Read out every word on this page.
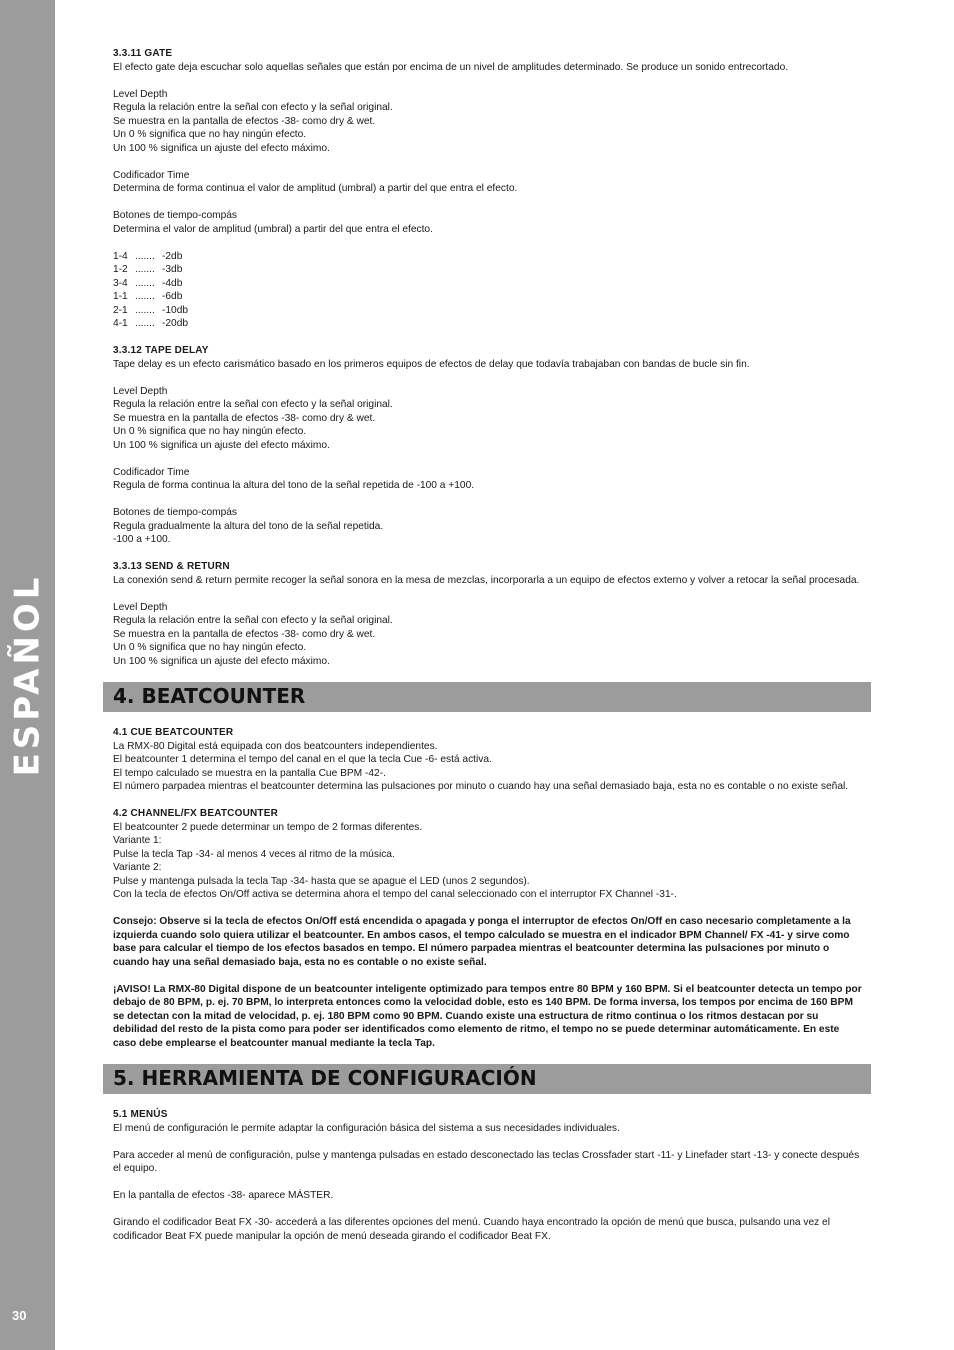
ESPAÑOL
30
3.3.11 GATE
El efecto gate deja escuchar solo aquellas señales que están por encima de un nivel de amplitudes determinado. Se produce un sonido entrecortado.
Level Depth
Regula la relación entre la señal con efecto y la señal original.
Se muestra en la pantalla de efectos -38- como dry & wet.
Un 0 % significa que no hay ningún efecto.
Un 100 % significa un ajuste del efecto máximo.
Codificador Time
Determina de forma continua el valor de amplitud (umbral) a partir del que entra el efecto.
Botones de tiempo-compás
Determina el valor de amplitud (umbral) a partir del que entra el efecto.
1-4 ....... -2db
1-2 ....... -3db
3-4 ....... -4db
1-1 ....... -6db
2-1 ....... -10db
4-1 ....... -20db
3.3.12 TAPE DELAY
Tape delay es un efecto carismático basado en los primeros equipos de efectos de delay que todavía trabajaban con bandas de bucle sin fin.
Level Depth
Regula la relación entre la señal con efecto y la señal original.
Se muestra en la pantalla de efectos -38- como dry & wet.
Un 0 % significa que no hay ningún efecto.
Un 100 % significa un ajuste del efecto máximo.
Codificador Time
Regula de forma continua la altura del tono de la señal repetida de -100 a +100.
Botones de tiempo-compás
Regula gradualmente la altura del tono de la señal repetida.
-100 a +100.
3.3.13 SEND & RETURN
La conexión send & return permite recoger la señal sonora en la mesa de mezclas, incorporarla a un equipo de efectos externo y volver a retocar la señal procesada.
Level Depth
Regula la relación entre la señal con efecto y la señal original.
Se muestra en la pantalla de efectos -38- como dry & wet.
Un 0 % significa que no hay ningún efecto.
Un 100 % significa un ajuste del efecto máximo.
4. BEATCOUNTER
4.1 CUE BEATCOUNTER
La RMX-80 Digital está equipada con dos beatcounters independientes.
El beatcounter 1 determina el tempo del canal en el que la tecla Cue -6- está activa.
El tempo calculado se muestra en la pantalla Cue BPM -42-.
El número parpadea mientras el beatcounter determina las pulsaciones por minuto o cuando hay una señal demasiado baja, esta no es contable o no existe señal.
4.2 CHANNEL/FX BEATCOUNTER
El beatcounter 2 puede determinar un tempo de 2 formas diferentes.
Variante 1:
Pulse la tecla Tap -34- al menos 4 veces al ritmo de la música.
Variante 2:
Pulse y mantenga pulsada la tecla Tap -34- hasta que se apague el LED (unos 2 segundos).
Con la tecla de efectos On/Off activa se determina ahora el tempo del canal seleccionado con el interruptor FX Channel -31-.
Consejo: Observe si la tecla de efectos On/Off está encendida o apagada y ponga el interruptor de efectos On/Off en caso necesario completamente a la izquierda cuando solo quiera utilizar el beatcounter. En ambos casos, el tempo calculado se muestra en el indicador BPM Channel/ FX -41- y sirve como base para calcular el tiempo de los efectos basados en tempo. El número parpadea mientras el beatcounter determina las pulsaciones por minuto o cuando hay una señal demasiado baja, esta no es contable o no existe señal.
¡AVISO! La RMX-80 Digital dispone de un beatcounter inteligente optimizado para tempos entre 80 BPM y 160 BPM. Si el beatcounter detecta un tempo por debajo de 80 BPM, p. ej. 70 BPM, lo interpreta entonces como la velocidad doble, esto es 140 BPM. De forma inversa, los tempos por encima de 160 BPM se detectan con la mitad de velocidad, p. ej. 180 BPM como 90 BPM. Cuando existe una estructura de ritmo continua o los ritmos destacan por su debilidad del resto de la pista como para poder ser identificados como elemento de ritmo, el tempo no se puede determinar automáticamente. En este caso debe emplearse el beatcounter manual mediante la tecla Tap.
5. HERRAMIENTA DE CONFIGURACIÓN
5.1 MENÚS
El menú de configuración le permite adaptar la configuración básica del sistema a sus necesidades individuales.
Para acceder al menú de configuración, pulse y mantenga pulsadas en estado desconectado las teclas Crossfader start -11- y Linefader start -13- y conecte después el equipo.
En la pantalla de efectos -38- aparece MÁSTER.
Girando el codificador Beat FX -30- accederá a las diferentes opciones del menú. Cuando haya encontrado la opción de menú que busca, pulsando una vez el codificador Beat FX puede manipular la opción de menú deseada girando el codificador Beat FX.
